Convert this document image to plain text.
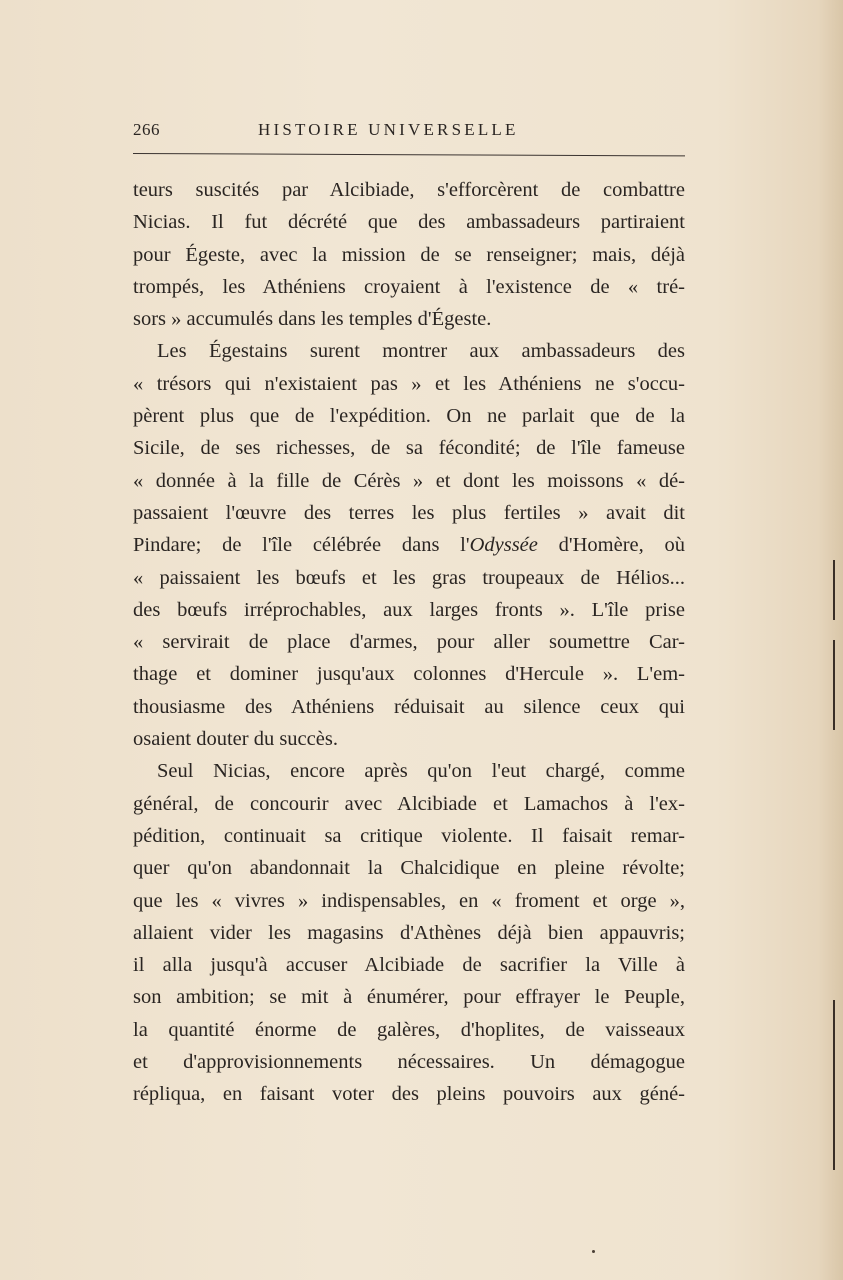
266	HISTOIRE UNIVERSELLE
teurs suscités par Alcibiade, s'efforcèrent de combattre
Nicias. Il fut décrété que des ambassadeurs partiraient
pour Égeste, avec la mission de se renseigner; mais, déjà
trompés, les Athéniens croyaient à l'existence de « tré-
sors » accumulés dans les temples d'Égeste.
Les Égestains surent montrer aux ambassadeurs des
« trésors qui n'existaient pas » et les Athéniens ne s'occu-
pèrent plus que de l'expédition. On ne parlait que de la
Sicile, de ses richesses, de sa fécondité; de l'île fameuse
« donnée à la fille de Cérès » et dont les moissons « dé-
passaient l'œuvre des terres les plus fertiles » avait dit
Pindare; de l'île célébrée dans l'Odyssée d'Homère, où
« paissaient les bœufs et les gras troupeaux de Hélios...
des bœufs irréprochables, aux larges fronts ». L'île prise
« servirait de place d'armes, pour aller soumettre Car-
thage et dominer jusqu'aux colonnes d'Hercule ». L'em-
thousiasme des Athéniens réduisait au silence ceux qui
osaient douter du succès.
Seul Nicias, encore après qu'on l'eut chargé, comme
général, de concourir avec Alcibiade et Lamachos à l'ex-
pédition, continuait sa critique violente. Il faisait remar-
quer qu'on abandonnait la Chalcidique en pleine révolte;
que les « vivres » indispensables, en « froment et orge »,
allaient vider les magasins d'Athènes déjà bien appauvris;
il alla jusqu'à accuser Alcibiade de sacrifier la Ville à
son ambition; se mit à énumérer, pour effrayer le Peuple,
la quantité énorme de galères, d'hoplites, de vaisseaux
et d'approvisionnements nécessaires. Un démagogue
répliqua, en faisant voter des pleins pouvoirs aux géné-
